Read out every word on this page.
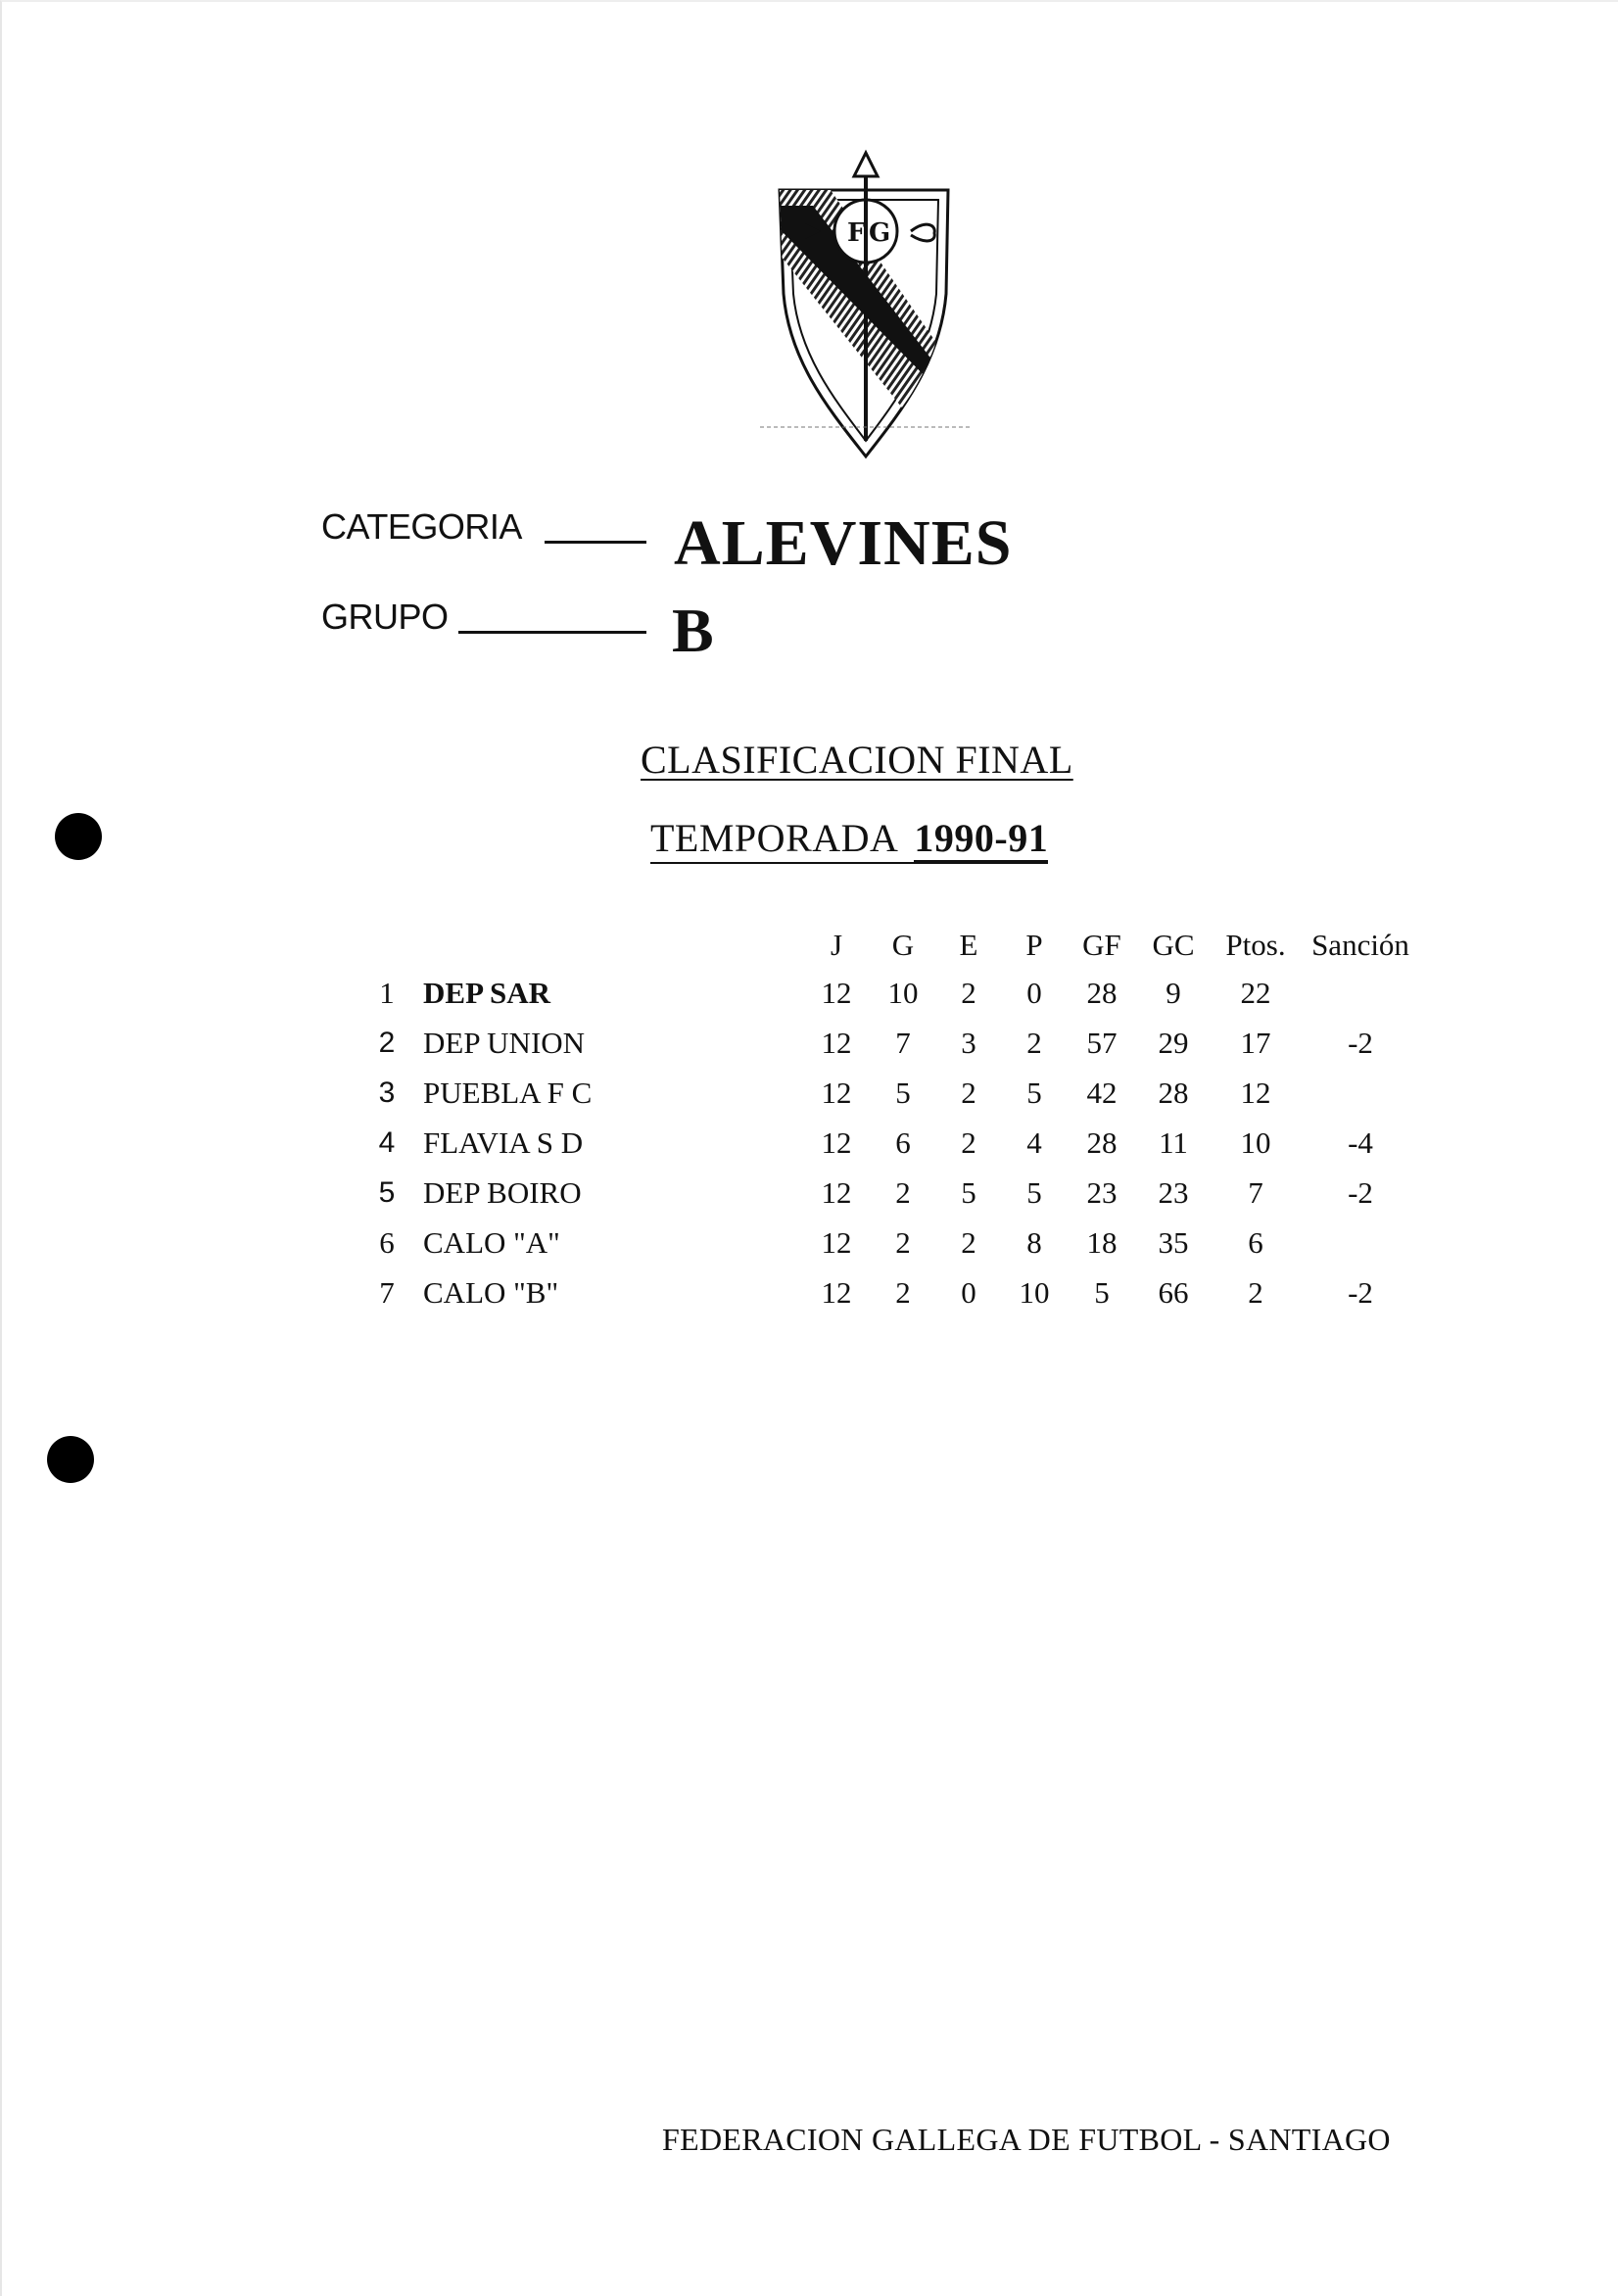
F G
CATEGORIA ALEVINES
GRUPO	B
CLASIFICACION FINAL
TEMPORADA 1990-91
		J	G	E	P	GF	GC	Ptos.	Sanción
1	DEP SAR	12	10	2	0	28	9	22	
2	DEP UNION	12	7	3	2	57	29	17	-2
3	PUEBLA F C	12	5	2	5	42	28	12	
4	FLAVIA S D	12	6	2	4	28	11	10	-4
5	DEP BOIRO	12	2	5	5	23	23	7	-2
6	CALO "A"	12	2	2	8	18	35	6	
7	CALO "B"	12	2	0	10	5	66	2	-2
FEDERACION GALLEGA DE FUTBOL - SANTIAGO
